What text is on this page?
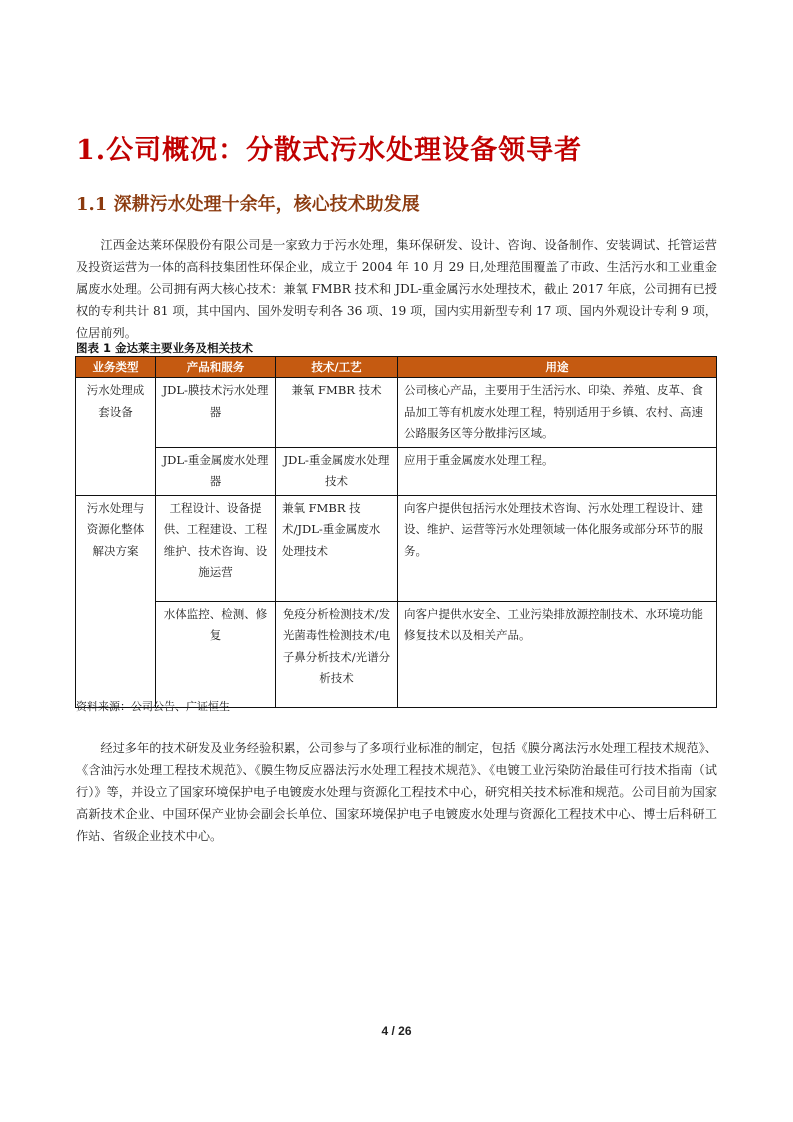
1.公司概况：分散式污水处理设备领导者
1.1 深耕污水处理十余年，核心技术助发展
江西金达莱环保股份有限公司是一家致力于污水处理，集环保研发、设计、咨询、设备制作、安装调试、托管运营及投资运营为一体的高科技集团性环保企业，成立于 2004 年 10 月 29 日,处理范围覆盖了市政、生活污水和工业重金属废水处理。公司拥有两大核心技术：兼氧 FMBR 技术和 JDL-重金属污水处理技术，截止 2017 年底，公司拥有已授权的专利共计 81 项，其中国内、国外发明专利各 36 项、19 项，国内实用新型专利 17 项、国内外观设计专利 9 项，位居前列。
图表 1 金达莱主要业务及相关技术
业务类型	产品和服务	技术/工艺	用途
污水处理成套设备	JDL-膜技术污水处理器	兼氧 FMBR 技术	公司核心产品，主要用于生活污水、印染、养殖、皮革、食品加工等有机废水处理工程，特别适用于乡镇、农村、高速公路服务区等分散排污区域。
	JDL-重金属废水处理器	JDL-重金属废水处理技术	应用于重金属废水处理工程。
污水处理与资源化整体解决方案	工程设计、设备提供、工程建设、工程维护、技术咨询、设施运营	兼氧 FMBR 技术/JDL-重金属废水处理技术	向客户提供包括污水处理技术咨询、污水处理工程设计、建设、维护、运营等污水处理领域一体化服务或部分环节的服务。
	水体监控、检测、修复	免疫分析检测技术/发光菌毒性检测技术/电子鼻分析技术/光谱分析技术	向客户提供水安全、工业污染排放源控制技术、水环境功能修复技术以及相关产品。
资料来源：公司公告、广证恒生
经过多年的技术研发及业务经验积累，公司参与了多项行业标准的制定，包括《膜分离法污水处理工程技术规范》、《含油污水处理工程技术规范》、《膜生物反应器法污水处理工程技术规范》、《电镀工业污染防治最佳可行技术指南（试行）》等，并设立了国家环境保护电子电镀废水处理与资源化工程技术中心，研究相关技术标准和规范。公司目前为国家高新技术企业、中国环保产业协会副会长单位、国家环境保护电子电镀废水处理与资源化工程技术中心、博士后科研工作站、省级企业技术中心。
4 / 26
